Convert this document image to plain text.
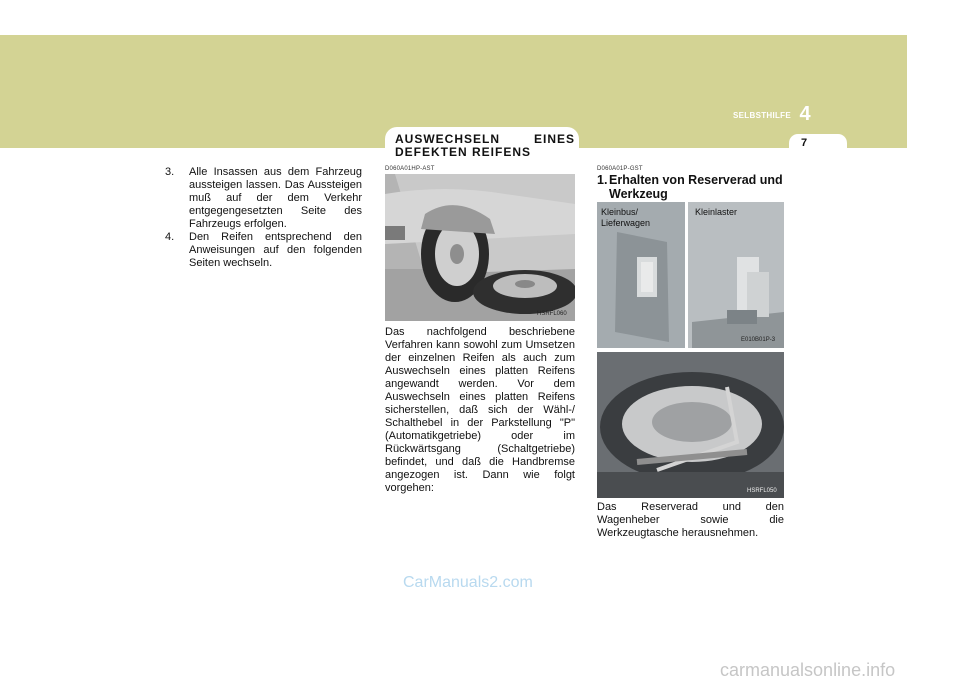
SELBSTHILFE 4
7
AUSWECHSELN EINES DEFEKTEN REIFENS
3.	Alle Insassen aus dem Fahrzeug aussteigen lassen. Das Aussteigen muß auf der dem Verkehr entgegengesetzten Seite des Fahrzeugs erfolgen.
4.	Den Reifen entsprechend den Anweisungen auf den folgenden Seiten wechseln.
D060A01HP-AST
HSRFL060
Das nachfolgend beschriebene Verfahren kann sowohl zum Umsetzen der einzelnen Reifen als auch zum Auswechseln eines platten Reifens angewandt werden. Vor dem Auswechseln eines platten Reifens sicherstellen, daß sich der Wähl-/ Schalthebel in der Parkstellung "P" (Automatikgetriebe) oder im Rückwärtsgang (Schaltgetriebe) befindet, und daß die Handbremse angezogen ist. Dann wie folgt vorgehen:
D060A01P-GST
1. Erhalten von Reserverad und
Werkzeug
Kleinbus/
Lieferwagen
Kleinlaster
E010B01P-3
HSRFL050
Das Reserverad und den Wagenheber sowie die Werkzeugtasche herausnehmen.
CarManuals2.com
carmanualsonline.info
